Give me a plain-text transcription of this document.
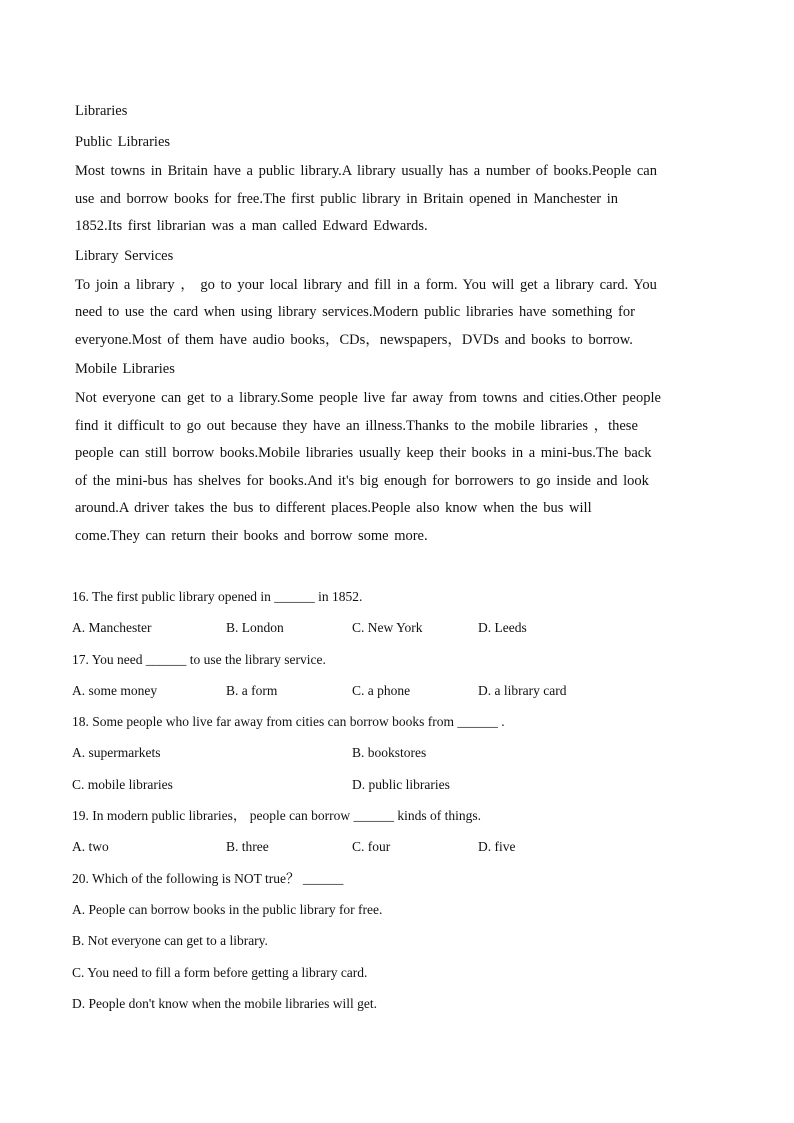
Libraries
Public Libraries
Most towns in Britain have a public library.A library usually has a number of books.People can
use and borrow books for free.The first public library in Britain opened in Manchester in
1852.Its first librarian was a man called Edward Edwards.
Library Services
To join a library ， go to your local library and fill in a form. You will get a library card. You
need to use the card when using library services.Modern public libraries have something for
everyone.Most of them have audio books，CDs，newspapers，DVDs and books to borrow.
Mobile Libraries
Not everyone can get to a library.Some people live far away from towns and cities.Other people
find it difficult to go out because they have an illness.Thanks to the mobile libraries ，these
people can still borrow books.Mobile libraries usually keep their books in a mini-bus.The back
of the mini-bus has shelves for books.And it's big enough for borrowers to go inside and look
around.A driver takes the bus to different places.People also know when the bus will
come.They can return their books and borrow some more.
16. The first public library opened in ______ in 1852.
A. Manchester	B. London	C. New York	D. Leeds
17. You need ______ to use the library service.
A. some money	B. a form	C. a phone	D. a library card
18. Some people who live far away from cities can borrow books from ______ .
A. supermarkets	B. bookstores
C. mobile libraries	D. public libraries
19. In modern public libraries， people can borrow ______ kinds of things.
A. two	B. three	C. four	D. five
20. Which of the following is NOT true？ ______
A. People can borrow books in the public library for free.
B. Not everyone can get to a library.
C. You need to fill a form before getting a library card.
D. People don't know when the mobile libraries will get.
